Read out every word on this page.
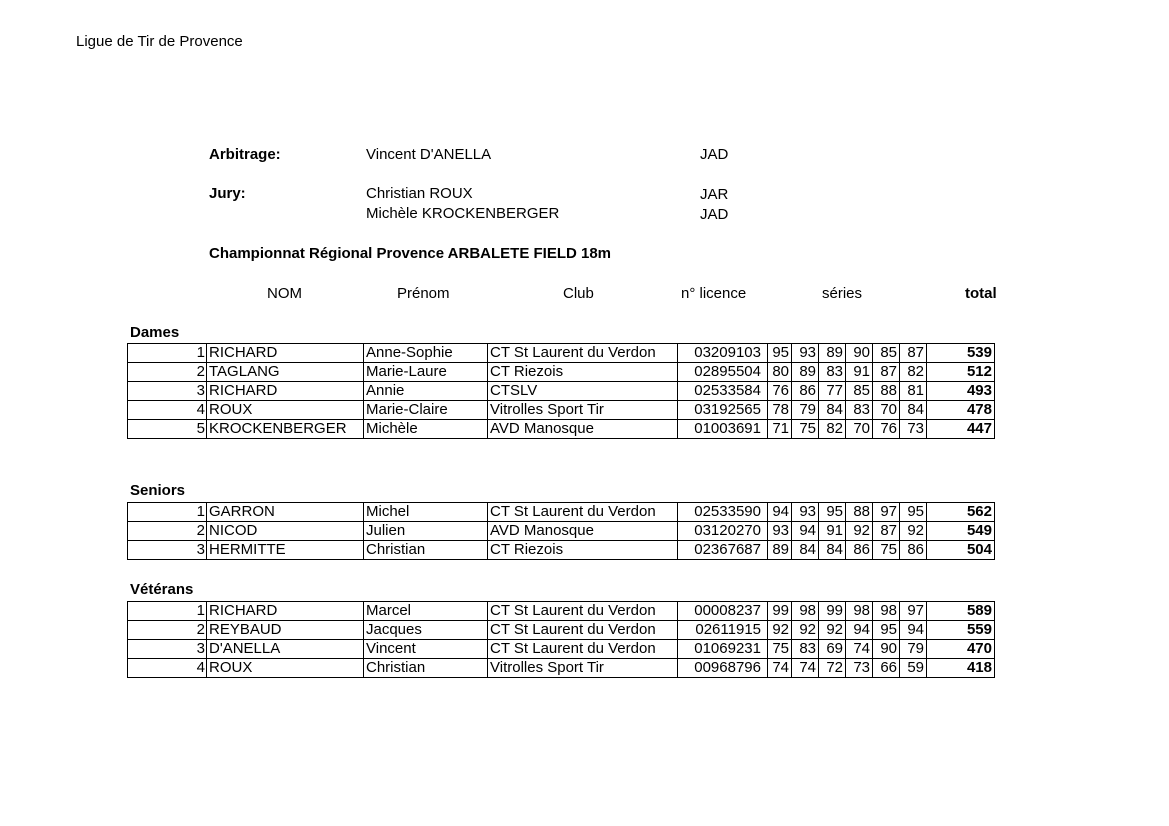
Ligue de Tir de Provence
Arbitrage:	Vincent D'ANELLA	JAD
Jury:	Christian ROUX	JAR
Michèle KROCKENBERGER	JAD
Championnat Régional Provence ARBALETE FIELD 18m
NOM	Prénom	Club	n° licence	séries	total
Dames
1	RICHARD	Anne-Sophie	CT St Laurent du Verdon	03209103	95	93	89	90	85	87	539
2	TAGLANG	Marie-Laure	CT Riezois	02895504	80	89	83	91	87	82	512
3	RICHARD	Annie	CTSLV	02533584	76	86	77	85	88	81	493
4	ROUX	Marie-Claire	Vitrolles Sport Tir	03192565	78	79	84	83	70	84	478
5	KROCKENBERGER	Michèle	AVD Manosque	01003691	71	75	82	70	76	73	447
Seniors
1	GARRON	Michel	CT St Laurent du Verdon	02533590	94	93	95	88	97	95	562
2	NICOD	Julien	AVD Manosque	03120270	93	94	91	92	87	92	549
3	HERMITTE	Christian	CT Riezois	02367687	89	84	84	86	75	86	504
Vétérans
1	RICHARD	Marcel	CT St Laurent du Verdon	00008237	99	98	99	98	98	97	589
2	REYBAUD	Jacques	CT St Laurent du Verdon	02611915	92	92	92	94	95	94	559
3	D'ANELLA	Vincent	CT St Laurent du Verdon	01069231	75	83	69	74	90	79	470
4	ROUX	Christian	Vitrolles Sport Tir	00968796	74	74	72	73	66	59	418
